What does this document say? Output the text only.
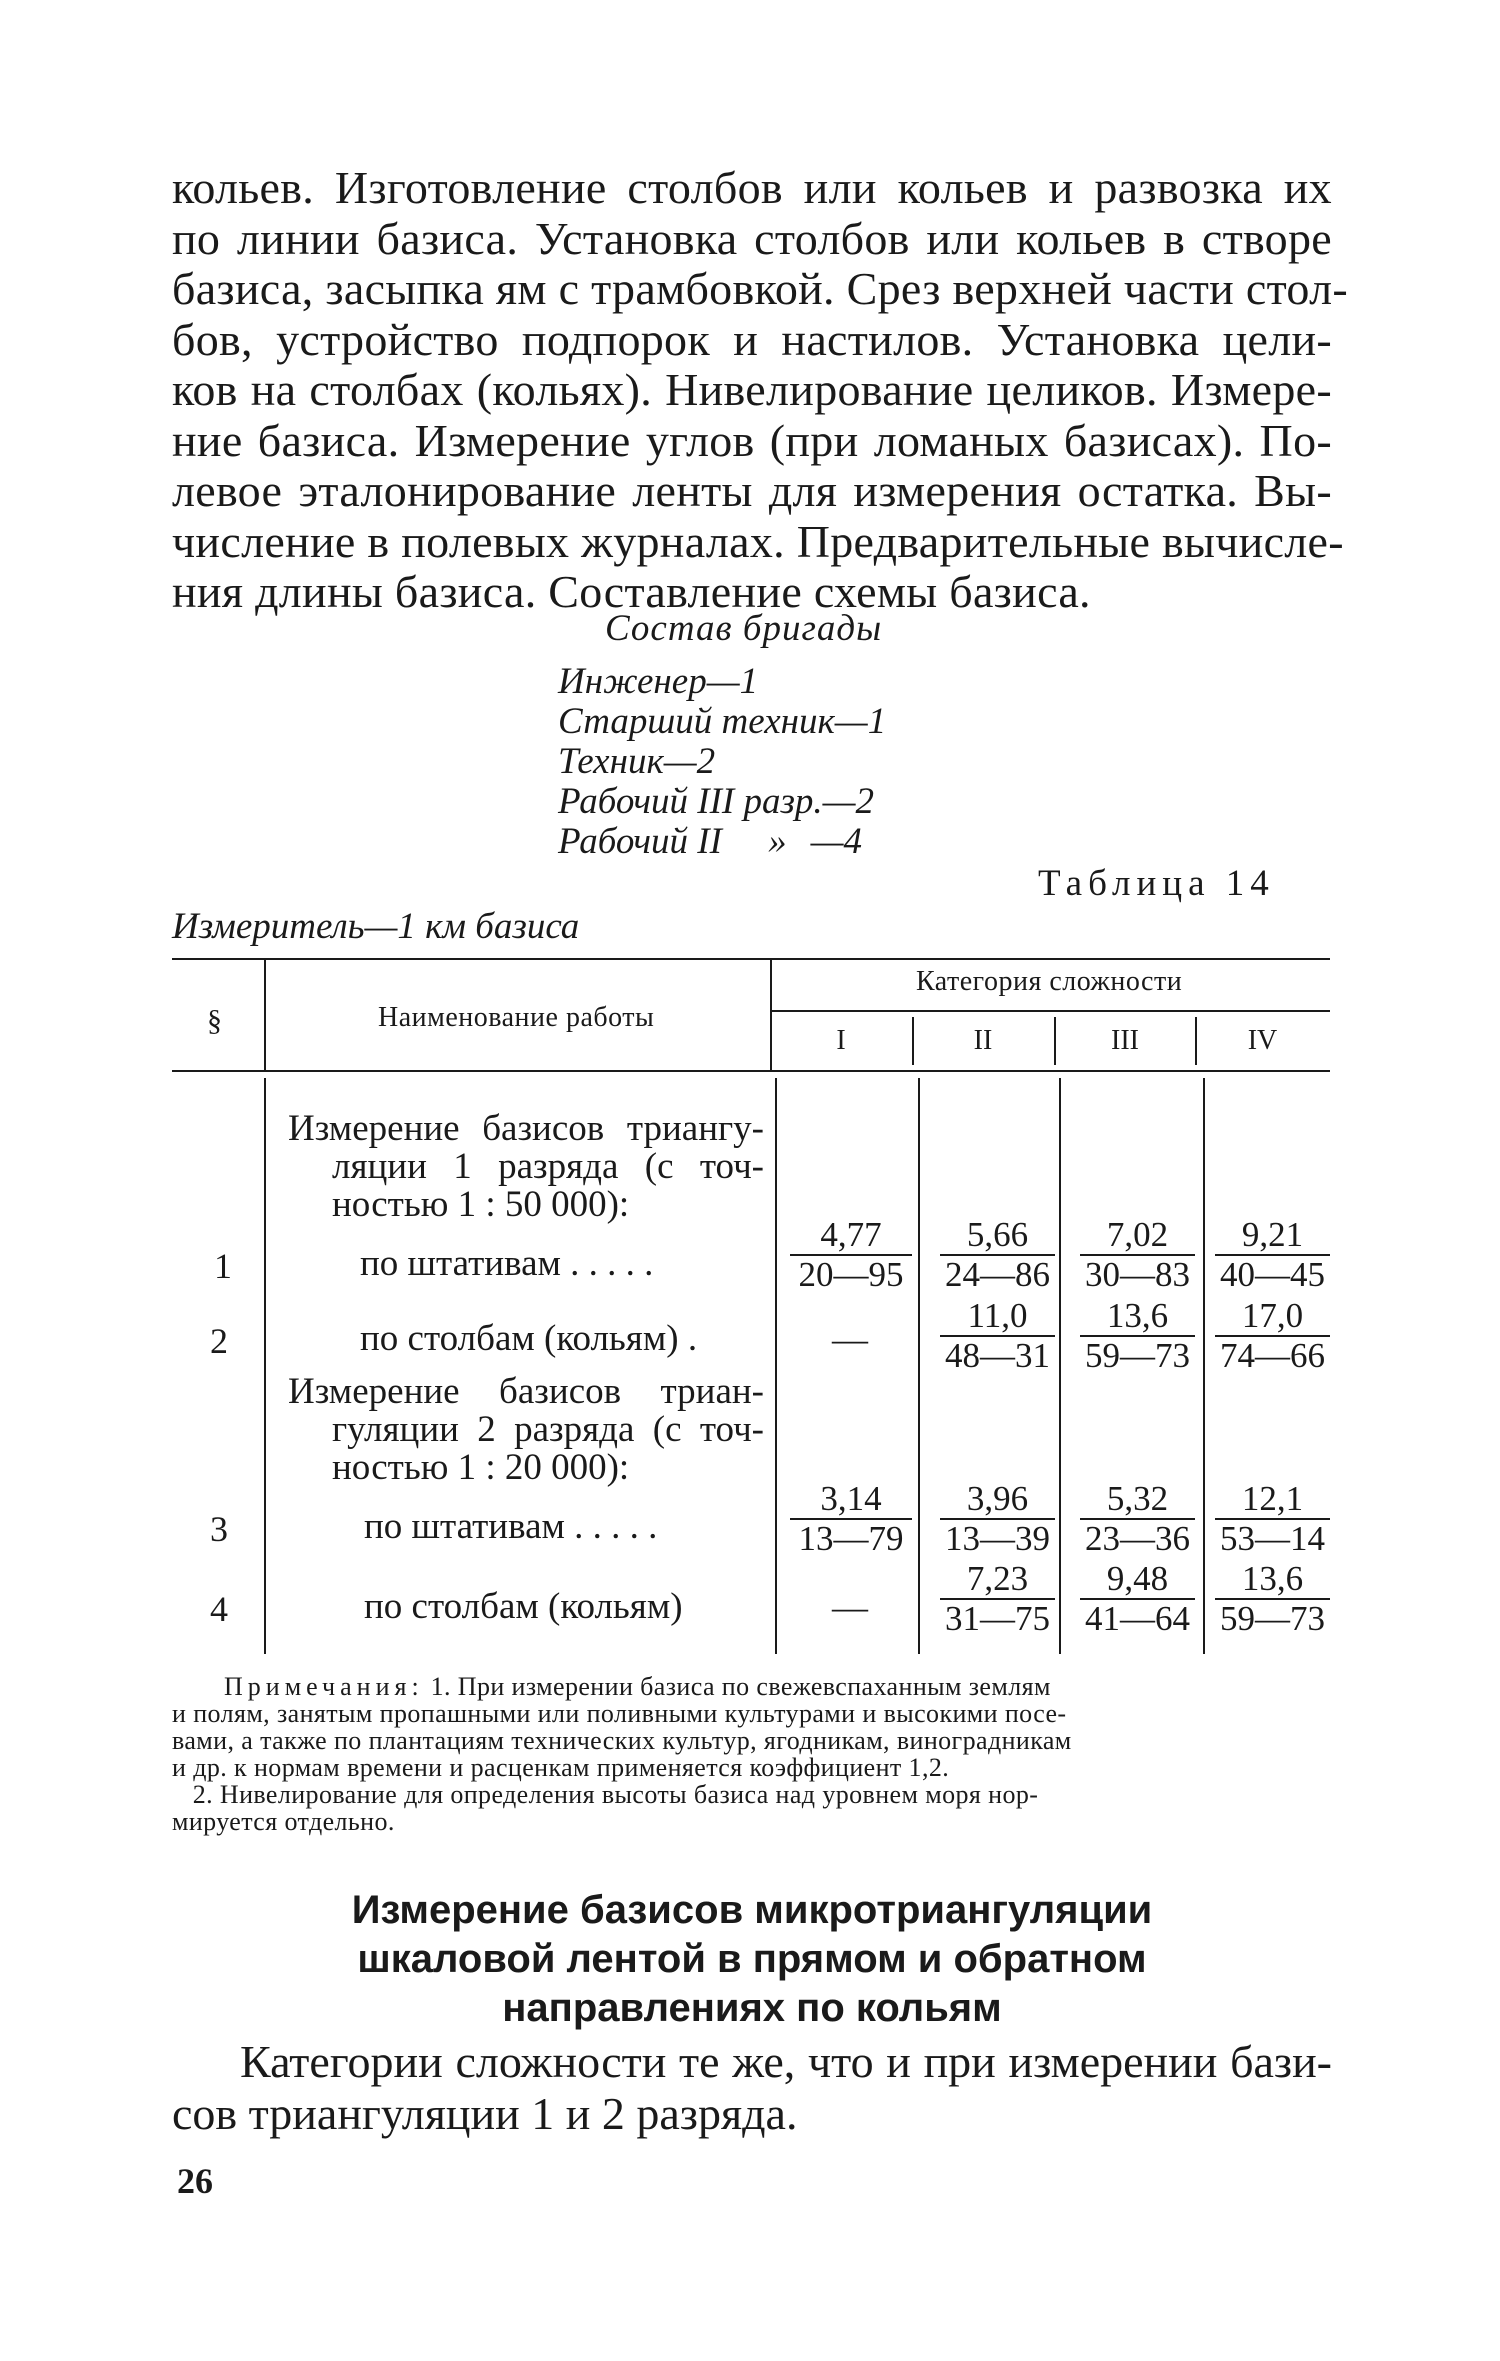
кольев. Изготовление столбов или кольев и развозка их
по линии базиса. Установка столбов или кольев в створе
базиса, засыпка ям с трамбовкой. Срез верхней части стол-
бов, устройство подпорок и настилов. Установка цели-
ков на столбах (кольях). Нивелирование целиков. Измере-
ние базиса. Измерение углов (при ломаных базисах). По-
левое эталонирование ленты для измерения остатка. Вы-
числение в полевых журналах. Предварительные вычисле-
ния длины базиса. Составление схемы базиса.
Состав бригады
Инженер—1
Старший техник—1
Техник—2
Рабочий III разр.—2
Рабочий II     » —4
Таблица 14
Измеритель—1 км базиса
§	Наименование работы
Категория сложности
I	II	III	IV
Измерение базисов триангу-
ляции 1 разряда (с точ-
ностью 1 : 50 000):
1	по штативам . . . . .	$\frac{4,77}{20—95} \frac{5,66}{24—86} \frac{7,02}{30—83} \frac{9,21}{40—45}$
2	по столбам (кольям) .	—	$\frac{11,0}{48—31} \frac{13,6}{59—73} \frac{17,0}{74—66}$
Измерение базисов триан-
гуляции 2 разряда (с точ-
ностью 1 : 20 000):
3	по штативам . . . . .	$\frac{3,14}{13—79} \frac{3,96}{13—39} \frac{5,32}{23—36} \frac{12,1}{53—14}$
4	по столбам (кольям)	—	$\frac{7,23}{31—75} \frac{9,48}{41—64} \frac{13,6}{59—73}$
Примечания: 1. При измерении базиса по свежевспаханным землям
и полям, занятым пропашными или поливными культурами и высокими посе-
вами, а также по плантациям технических культур, ягодникам, виноградникам
и др. к нормам времени и расценкам применяется коэффициент 1,2.
2. Нивелирование для определения высоты базиса над уровнем моря нор-
мируется отдельно.
Измерение базисов микротриангуляции
шкаловой лентой в прямом и обратном
направлениях по кольям
Категории сложности те же, что и при измерении бази-
сов триангуляции 1 и 2 разряда.
26
